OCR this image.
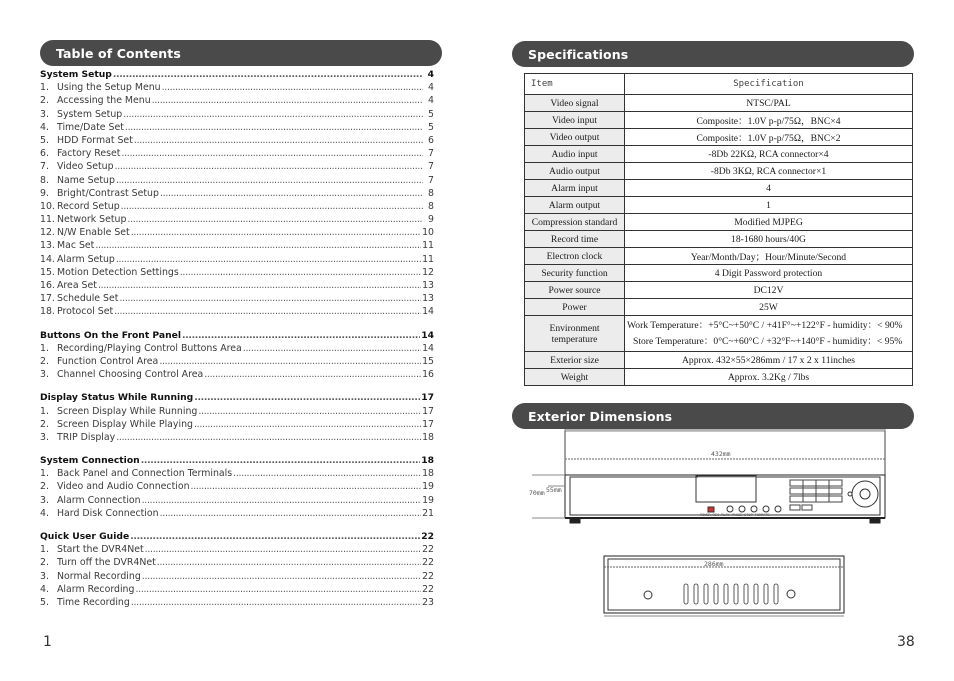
Table of Contents
System Setup .....	4
1. Using the Setup Menu .....	4
2. Accessing the Menu .....	4
3. System Setup .....	5
4. Time/Date Set .....	5
5. HDD Format Set .....	6
6. Factory Reset .....	7
7. Video Setup .....	7
8. Name Setup .....	7
9. Bright/Contrast Setup .....	8
10. Record Setup .....	8
11. Network Setup .....	9
12. N/W Enable Set .....	10
13. Mac Set .....	11
14. Alarm Setup .....	11
15. Motion Detection Settings .....	12
16. Area Set .....	13
17. Schedule Set .....	13
18. Protocol Set .....	14
Buttons On the Front Panel .....	14
1. Recording/Playing Control Buttons Area .....	14
2. Function Control Area .....	15
3. Channel Choosing Control Area .....	16
Display Status While Running .....	17
1. Screen Display While Running .....	17
2. Screen Display While Playing .....	17
3. TRIP Display .....	18
System Connection .....	18
1. Back Panel and Connection Terminals .....	18
2. Video and Audio Connection .....	19
3. Alarm Connection .....	19
4. Hard Disk Connection .....	21
Quick User Guide .....	22
1. Start the DVR4Net .....	22
2. Turn off the DVR4Net .....	22
3. Normal Recording .....	22
4. Alarm Recording .....	22
5. Time Recording .....	23
1
Specifications
Item	Specification
Video signal	NTSC/PAL
Video input	Composite：1.0V p-p/75Ω，BNC×4
Video output	Composite：1.0V p-p/75Ω，BNC×2
Audio input	-8Db 22KΩ, RCA connector×4
Audio output	-8Db 3KΩ, RCA connector×1
Alarm input	4
Alarm output	1
Compression standard	Modified MJPEG
Record time	18-1680 hours/40G
Electron clock	Year/Month/Day；Hour/Minute/Second
Security function	4 Digit Password protection
Power source	DC12V
Power	25W
Environment temperature	Work Temperature：+5°C~+50°C / +41F°~+122°F - humidity：< 90%
Store Temperature：0°C~+60°C / +32°F~+140°F - humidity：< 95%

Exterior size	Approx. 432×55×286mm / 17 x 2 x 11inches
Weight	Approx. 3.2Kg / 7lbs
Exterior Dimensions
432mm
286mm
70mm 55mm
POWER REC PLAY PAUSE STOP FORMATE
38
